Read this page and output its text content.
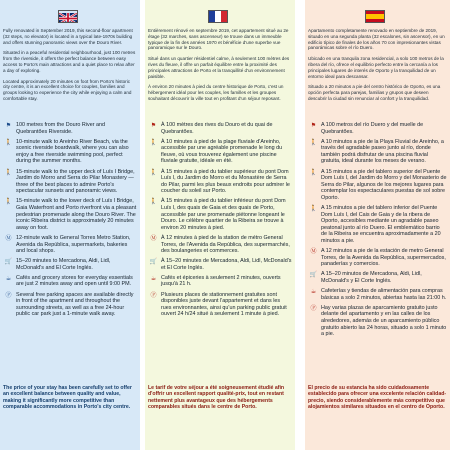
Fully renovated in September 2019, this second-floor apartment (32 steps, no elevator) is located in a typical late-1970s building and offers stunning panoramic views over the Douro River.

Situated in a peaceful residential neighbourhood, just 100 metres from the riverside, it offers the perfect balance between easy access to Porto's main attractions and a quiet place to relax after a day of exploring.

Located approximately 20 minutes on foot from Porto's historic city centre, it is an excellent choice for couples, families and groups looking to experience the city while enjoying a calm and comfortable stay.

⚑ 100 metres from the Douro River and Quebrantões Riverside.
🚶 10-minute walk to Areinho River Beach, via the scenic riverside boardwalk, where you can also enjoy a free riverside swimming pool, perfect during the summer months.
🚶 15-minute walk to the upper deck of Luís I Bridge, Jardim do Morro and Serra do Pilar Monastery — three of the best places to admire Porto's spectacular sunsets and panoramic views.
🚶 15-minute walk to the lower deck of Luís I Bridge, Gaia Waterfront and Porto riverfront via a pleasant pedestrian promenade along the Douro River. The iconic Ribeira district is approximately 20 minutes away on foot.
Ⓜ 12-minute walk to General Torres Metro Station, Avenida da República, supermarkets, bakeries and local shops.
🛒 15–20 minutes to Mercadona, Aldi, Lidl, McDonald's and El Corte Inglés.
☕ Cafés and grocery stores for everyday essentials are just 2 minutes away and open until 9:00 PM.
Ⓟ Several free parking spaces are available directly in front of the apartment and throughout the surrounding streets, as well as a free 24-hour public car park just a 1-minute walk away.
The price of your stay has been carefully set to offer an excellent balance between quality and value, making it significantly more competitive than comparable accommodations in Porto's city centre.

Entièrement rénové en septembre 2019, cet appartement situé au 2e étage (32 marches, sans ascenseur) se trouve dans un immeuble typique de la fin des années 1970 et bénéficie d'une superbe vue panoramique sur le Douro.

Situé dans un quartier résidentiel calme, à seulement 100 mètres des rives du fleuve, il offre un parfait équilibre entre la proximité des principales attractions de Porto et la tranquillité d'un environnement paisible.

À environ 20 minutes à pied du centre historique de Porto, c'est un hébergement idéal pour les couples, les familles et les groupes souhaitant découvrir la ville tout en profitant d'un séjour reposant.

⚑ À 100 mètres des rives du Douro et du quai de Quebrantões.
🚶 À 10 minutes à pied de la plage fluviale d'Areinho, accessible par une agréable promenade le long du fleuve, où vous trouverez également une piscine fluviale gratuite, idéale en été.
🚶 À 15 minutes à pied du tablier supérieur du pont Dom Luís I, du Jardim do Morro et du Monastère de Serra do Pilar, parmi les plus beaux endroits pour admirer le coucher du soleil sur Porto.
🚶 À 15 minutes à pied du tablier inférieur du pont Dom Luís I, des quais de Gaia et des quais de Porto, accessible par une promenade piétonne longeant le Douro. Le célèbre quartier de la Ribeira se trouve à environ 20 minutes à pied.
Ⓜ À 12 minutes à pied de la station de métro General Torres, de l'Avenida da República, des supermarchés, des boulangeries et commerces.
🛒 À 15–20 minutes de Mercadona, Aldi, Lidl, McDonald's et El Corte Inglés.
☕ Cafés et épiceries à seulement 2 minutes, ouverts jusqu'à 21 h.
Ⓟ Plusieurs places de stationnement gratuites sont disponibles juste devant l'appartement et dans les rues environnantes, ainsi qu'un parking public gratuit ouvert 24 h/24 situé à seulement 1 minute à pied.
Le tarif de votre séjour a été soigneusement étudié afin d'offrir un excellent rapport qualité-prix, tout en restant nettement plus avantageux que des hébergements comparables situés dans le centre de Porto.

Apartamento completamente renovado en septiembre de 2019, situado en una segunda planta (32 escalones, sin ascensor), en un edificio típico de finales de los años 70 con impresionantes vistas panorámicas sobre el río Duero.

Ubicado en una tranquila zona residencial, a solo 100 metros de la ribera del río, ofrece el equilibrio perfecto entre la cercanía a los principales lugares de interés de Oporto y la tranquilidad de un entorno ideal para descansar.

Situado a 20 minutos a pie del centro histórico de Oporto, es una opción perfecta para parejas, familias y grupos que deseen descubrir la ciudad sin renunciar al confort y la tranquilidad.

⚑ A 100 metros del río Duero y del muelle de Quebrantões.
🚶 A 10 minutos a pie de la Playa Fluvial de Areinho, a través del agradable paseo junto al río, donde también podrá disfrutar de una piscina fluvial gratuita, ideal durante los meses de verano.
🚶 A 15 minutos a pie del tablero superior del Puente Dom Luís I, del Jardim do Morro y del Monasterio de Serra do Pilar, algunos de los mejores lugares para contemplar los espectaculares puestas de sol sobre Oporto.
🚶 A 15 minutos a pie del tablero inferior del Puente Dom Luís I, del Cais de Gaia y de la ribera de Oporto, accesibles mediante un agradable paseo peatonal junto al río Duero. El emblemático barrio de la Ribeira se encuentra aproximadamente a 20 minutos a pie.
Ⓜ A 12 minutos a pie de la estación de metro General Torres, de la Avenida da República, supermercados, panaderías y comercios.
🛒 A 15–20 minutos de Mercadona, Aldi, Lidl, McDonald's y El Corte Inglés.
☕ Cafeterías y tiendas de alimentación para compras básicas a solo 2 minutos, abiertas hasta las 21:00 h.
Ⓟ Hay varias plazas de aparcamiento gratuito justo delante del apartamento y en las calles de los alrededores, además de un aparcamiento público gratuito abierto las 24 horas, situado a solo 1 minuto a pie.
El precio de su estancia ha sido cuidadosamente establecido para ofrecer una excelente relación calidad-precio, siendo considerablemente más competitivo que alojamientos similares situados en el centro de Oporto.
